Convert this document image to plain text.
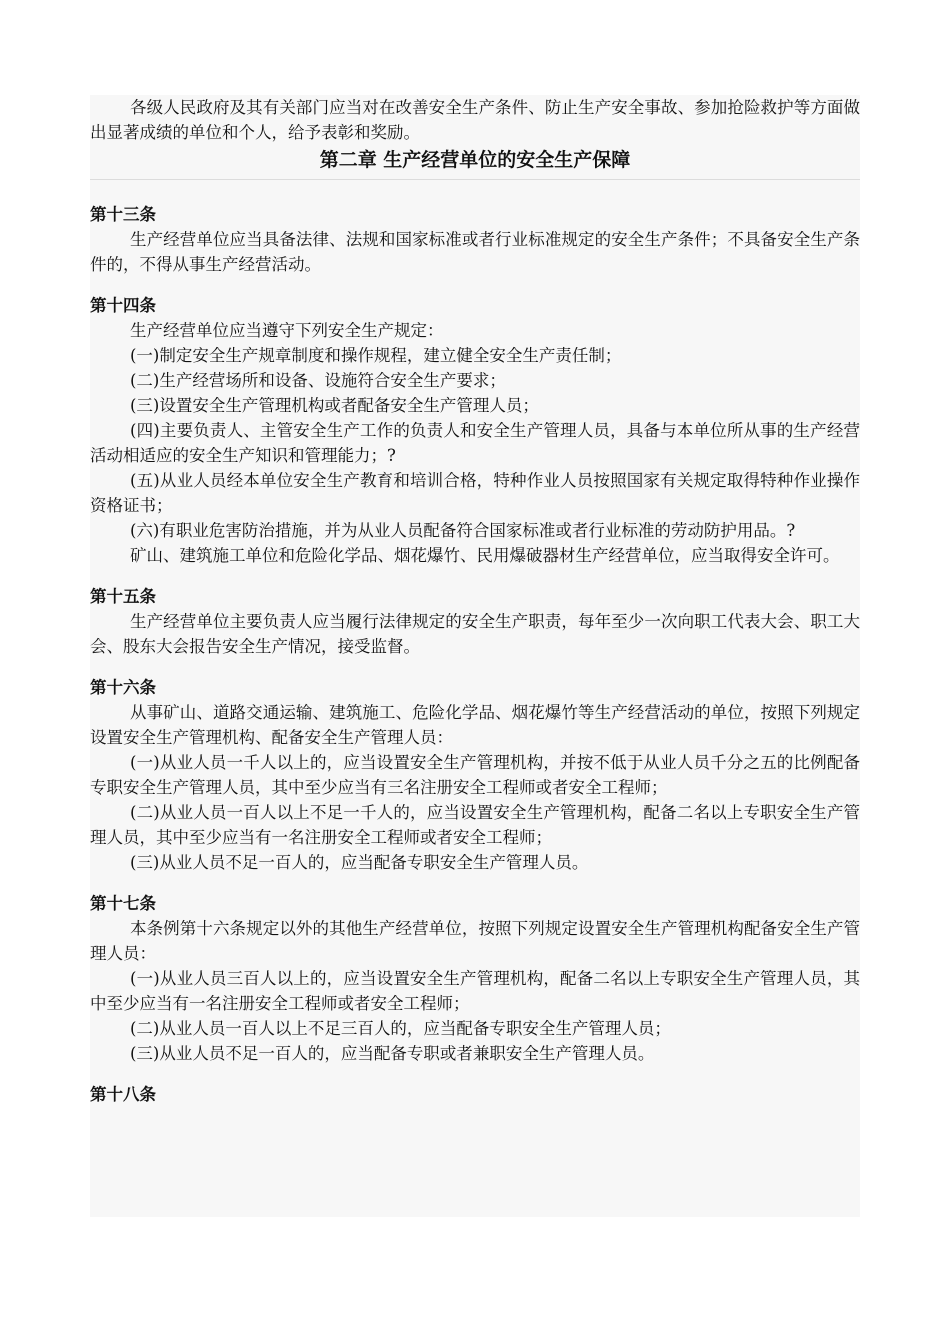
各级人民政府及其有关部门应当对在改善安全生产条件、防止生产安全事故、参加抢险救护等方面做出显著成绩的单位和个人，给予表彰和奖励。

第二章 生产经营单位的安全生产保障
第十三条

生产经营单位应当具备法律、法规和国家标准或者行业标准规定的安全生产条件；不具备安全生产条件的，不得从事生产经营活动。

第十四条

生产经营单位应当遵守下列安全生产规定：

(一)制定安全生产规章制度和操作规程，建立健全安全生产责任制；

(二)生产经营场所和设备、设施符合安全生产要求；

(三)设置安全生产管理机构或者配备安全生产管理人员；

(四)主要负责人、主管安全生产工作的负责人和安全生产管理人员，具备与本单位所从事的生产经营活动相适应的安全生产知识和管理能力；?

(五)从业人员经本单位安全生产教育和培训合格，特种作业人员按照国家有关规定取得特种作业操作资格证书；

(六)有职业危害防治措施，并为从业人员配备符合国家标准或者行业标准的劳动防护用品。?

矿山、建筑施工单位和危险化学品、烟花爆竹、民用爆破器材生产经营单位，应当取得安全许可。

第十五条

生产经营单位主要负责人应当履行法律规定的安全生产职责，每年至少一次向职工代表大会、职工大会、股东大会报告安全生产情况，接受监督。

第十六条

从事矿山、道路交通运输、建筑施工、危险化学品、烟花爆竹等生产经营活动的单位，按照下列规定设置安全生产管理机构、配备安全生产管理人员：

(一)从业人员一千人以上的，应当设置安全生产管理机构，并按不低于从业人员千分之五的比例配备专职安全生产管理人员，其中至少应当有三名注册安全工程师或者安全工程师；

(二)从业人员一百人以上不足一千人的，应当设置安全生产管理机构，配备二名以上专职安全生产管理人员，其中至少应当有一名注册安全工程师或者安全工程师；

(三)从业人员不足一百人的，应当配备专职安全生产管理人员。

第十七条

本条例第十六条规定以外的其他生产经营单位，按照下列规定设置安全生产管理机构配备安全生产管理人员：

(一)从业人员三百人以上的，应当设置安全生产管理机构，配备二名以上专职安全生产管理人员，其中至少应当有一名注册安全工程师或者安全工程师；

(二)从业人员一百人以上不足三百人的，应当配备专职安全生产管理人员；

(三)从业人员不足一百人的，应当配备专职或者兼职安全生产管理人员。

第十八条
